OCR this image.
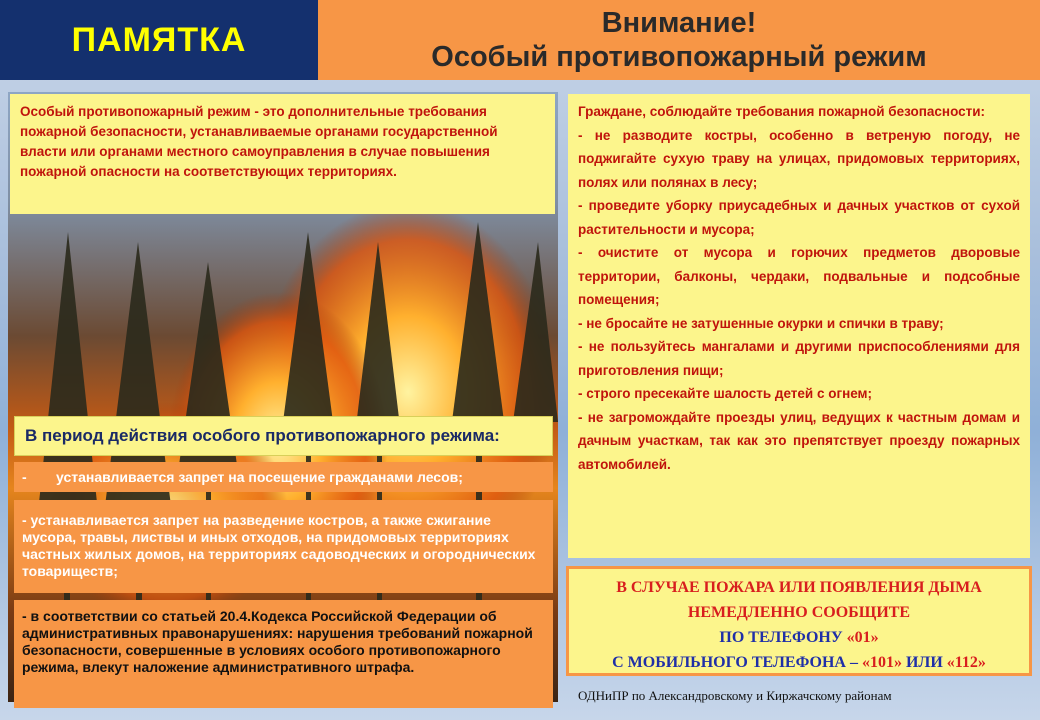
ПАМЯТКА	Внимание!
Особый противопожарный режим

Особый противопожарный режим - это дополнительные требования пожарной безопасности, устанавливаемые органами государственной власти или органами местного самоуправления в случае повышения пожарной опасности на соответствующих территориях.

В период действия особого противопожарного режима:
-	устанавливается запрет на посещение гражданами лесов;

- устанавливается запрет на разведение костров, а также сжигание мусора, травы, листвы и иных отходов, на придомовых территориях частных жилых домов, на территориях садоводческих и огороднических товариществ;

- в соответствии со статьей 20.4.Кодекса Российской Федерации об административных правонарушениях: нарушения требований пожарной безопасности, совершенные в условиях особого противопожарного режима, влекут наложение административного штрафа.

Граждане, соблюдайте требования пожарной безопасности:
- не разводите костры, особенно в ветреную погоду, не поджигайте сухую траву на улицах, придомовых территориях, полях или полянах в лесу;
- проведите уборку приусадебных и дачных участков от сухой растительности и мусора;
- очистите от мусора и горючих предметов дворовые территории, балконы, чердаки, подвальные и подсобные помещения;
- не бросайте не затушенные окурки и спички в траву;
- не пользуйтесь мангалами и другими приспособлениями для приготовления пищи;
- строго пресекайте шалость детей с огнем;
- не загромождайте проезды улиц, ведущих к частным домам и дачным участкам, так как это препятствует проезду пожарных автомобилей.
В СЛУЧАЕ ПОЖАРА ИЛИ ПОЯВЛЕНИЯ ДЫМА
НЕМЕДЛЕННО СООБЩИТЕ
ПО ТЕЛЕФОНУ «01»
С МОБИЛЬНОГО ТЕЛЕФОНА – «101» ИЛИ «112»
ОДНиПР по Александровскому и Киржачскому районам
